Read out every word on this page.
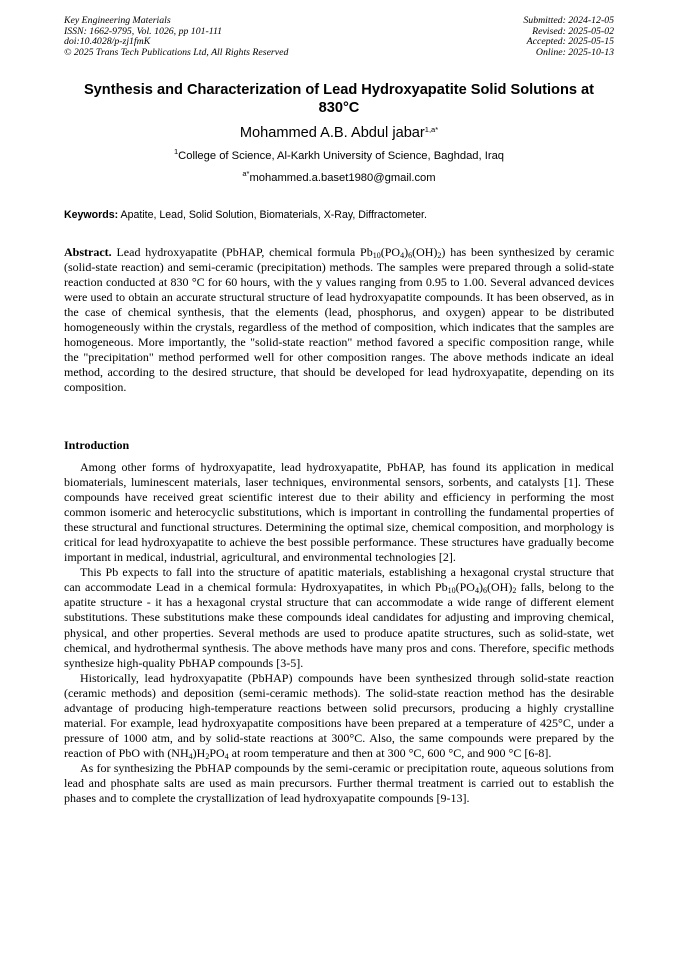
Key Engineering Materials
ISSN: 1662-9795, Vol. 1026, pp 101-111
doi:10.4028/p-zj1fmK
© 2025 Trans Tech Publications Ltd, All Rights Reserved
Submitted: 2024-12-05
Revised: 2025-05-02
Accepted: 2025-05-15
Online: 2025-10-13
Synthesis and Characterization of Lead Hydroxyapatite Solid Solutions at 830°C
Mohammed A.B. Abdul jabar$^{1,a*}$
$^1$College of Science, Al-Karkh University of Science, Baghdad, Iraq
$^{a*}$mohammed.a.baset1980@gmail.com
Keywords: Apatite, Lead, Solid Solution, Biomaterials, X-Ray, Diffractometer.
Abstract. Lead hydroxyapatite (PbHAP, chemical formula $Pb_{10}(PO_4)_6(OH)_2$) has been synthesized by ceramic (solid-state reaction) and semi-ceramic (precipitation) methods. The samples were prepared through a solid-state reaction conducted at 830 °C for 60 hours, with the y values ranging from 0.95 to 1.00. Several advanced devices were used to obtain an accurate structural structure of lead hydroxyapatite compounds. It has been observed, as in the case of chemical synthesis, that the elements (lead, phosphorus, and oxygen) appear to be distributed homogeneously within the crystals, regardless of the method of composition, which indicates that the samples are homogeneous. More importantly, the "solid-state reaction" method favored a specific composition range, while the "precipitation" method performed well for other composition ranges. The above methods indicate an ideal method, according to the desired structure, that should be developed for lead hydroxyapatite, depending on its composition.
Introduction

Among other forms of hydroxyapatite, lead hydroxyapatite, PbHAP, has found its application in medical biomaterials, luminescent materials, laser techniques, environmental sensors, sorbents, and catalysts [1]. These compounds have received great scientific interest due to their ability and efficiency in performing the most common isomeric and heterocyclic substitutions, which is important in controlling the fundamental properties of these structural and functional structures. Determining the optimal size, chemical composition, and morphology is critical for lead hydroxyapatite to achieve the best possible performance. These structures have gradually become important in medical, industrial, agricultural, and environmental technologies [2].

This Pb expects to fall into the structure of apatitic materials, establishing a hexagonal crystal structure that can accommodate Lead in a chemical formula: Hydroxyapatites, in which $Pb_{10}(PO_4)_6(OH)_2$ falls, belong to the apatite structure - it has a hexagonal crystal structure that can accommodate a wide range of different element substitutions. These substitutions make these compounds ideal candidates for adjusting and improving chemical, physical, and other properties. Several methods are used to produce apatite structures, such as solid-state, wet chemical, and hydrothermal synthesis. The above methods have many pros and cons. Therefore, specific methods synthesize high-quality PbHAP compounds [3-5].

Historically, lead hydroxyapatite (PbHAP) compounds have been synthesized through solid-state reaction (ceramic methods) and deposition (semi-ceramic methods). The solid-state reaction method has the desirable advantage of producing high-temperature reactions between solid precursors, producing a highly crystalline material. For example, lead hydroxyapatite compositions have been prepared at a temperature of 425°C, under a pressure of 1000 atm, and by solid-state reactions at 300°C. Also, the same compounds were prepared by the reaction of PbO with $(NH_4)H_2PO_4$ at room temperature and then at 300 °C, 600 °C, and 900 °C [6-8].

As for synthesizing the PbHAP compounds by the semi-ceramic or precipitation route, aqueous solutions from lead and phosphate salts are used as main precursors. Further thermal treatment is carried out to establish the phases and to complete the crystallization of lead hydroxyapatite compounds [9-13].
